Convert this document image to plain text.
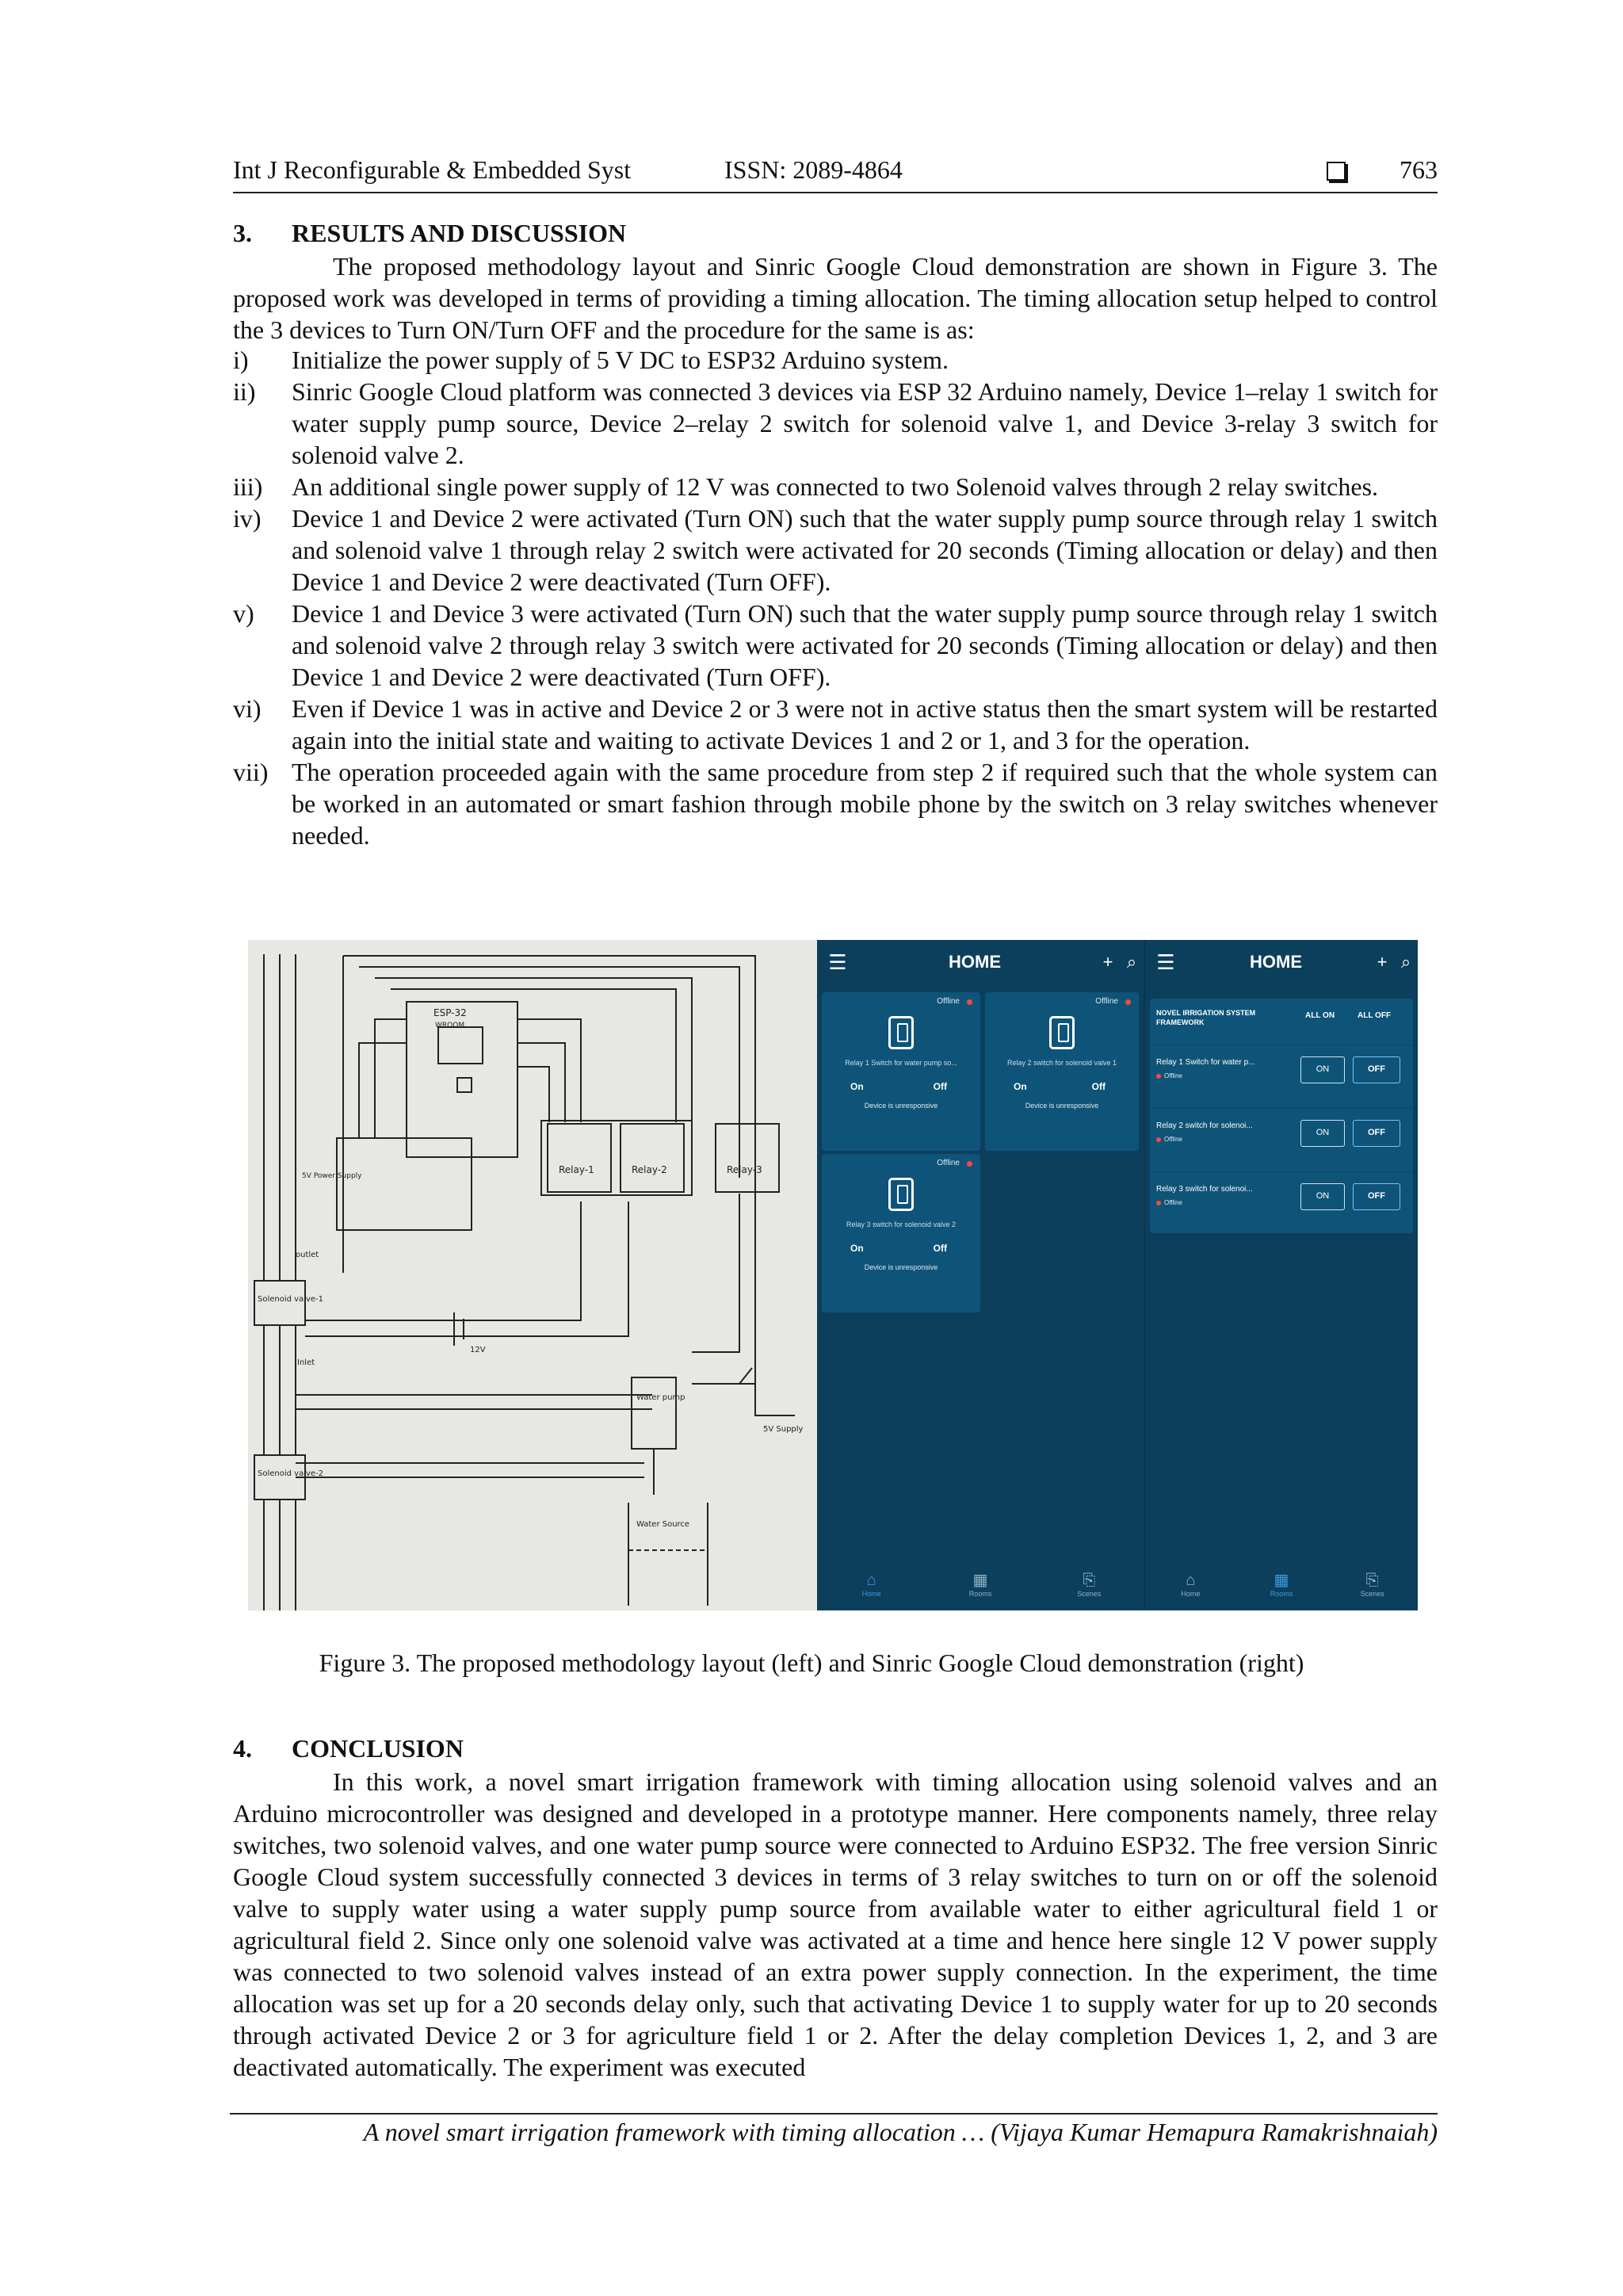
Int J Reconfigurable & Embedded Syst	ISSN: 2089-4864	763
3. RESULTS AND DISCUSSION
The proposed methodology layout and Sinric Google Cloud demonstration are shown in Figure 3. The proposed work was developed in terms of providing a timing allocation. The timing allocation setup helped to control the 3 devices to Turn ON/Turn OFF and the procedure for the same is as:
i)	Initialize the power supply of 5 V DC to ESP32 Arduino system.
ii)	Sinric Google Cloud platform was connected 3 devices via ESP 32 Arduino namely, Device 1–relay 1 switch for water supply pump source, Device 2–relay 2 switch for solenoid valve 1, and Device 3-relay 3 switch for solenoid valve 2.
iii)	An additional single power supply of 12 V was connected to two Solenoid valves through 2 relay switches.
iv)	Device 1 and Device 2 were activated (Turn ON) such that the water supply pump source through relay 1 switch and solenoid valve 1 through relay 2 switch were activated for 20 seconds (Timing allocation or delay) and then Device 1 and Device 2 were deactivated (Turn OFF).
v)	Device 1 and Device 3 were activated (Turn ON) such that the water supply pump source through relay 1 switch and solenoid valve 2 through relay 3 switch were activated for 20 seconds (Timing allocation or delay) and then Device 1 and Device 2 were deactivated (Turn OFF).
vi)	Even if Device 1 was in active and Device 2 or 3 were not in active status then the smart system will be restarted again into the initial state and waiting to activate Devices 1 and 2 or 1, and 3 for the operation.
vii) The operation proceeded again with the same procedure from step 2 if required such that the whole system can be worked in an automated or smart fashion through mobile phone by the switch on 3 relay switches whenever needed.
ESP-32
WROOM
Relay-1	Relay-2	Relay-3
5V Power Supply
Solenoid valve-1
Solenoid valve-2
outlet
Inlet
12V
Water pump
Water Source
5V Supply
☰	HOME	+ ⌕
Offline
Relay 1 Switch for water pump so...
On	Off
Device is unresponsive
Offline
Relay 2 switch for solenoid valve 1
On	Off
Device is unresponsive
Offline
Relay 3 switch for solenoid valve 2
On	Off
Device is unresponsive
⌂
Home
▦
Rooms
⎘
Scenes
☰	HOME	+ ⌕
NOVEL IRRIGATION SYSTEM FRAMEWORK
ALL ON	ALL OFF
Relay 1 Switch for water p...
Offline
ON	OFF
Relay 2 switch for solenoi...
Offline
ON	OFF
Relay 3 switch for solenoi...
Offline
ON	OFF
⌂
Home
▦
Rooms
⎘
Scenes
Figure 3. The proposed methodology layout (left) and Sinric Google Cloud demonstration (right)
4. CONCLUSION
In this work, a novel smart irrigation framework with timing allocation using solenoid valves and an Arduino microcontroller was designed and developed in a prototype manner. Here components namely, three relay switches, two solenoid valves, and one water pump source were connected to Arduino ESP32. The free version Sinric Google Cloud system successfully connected 3 devices in terms of 3 relay switches to turn on or off the solenoid valve to supply water using a water supply pump source from available water to either agricultural field 1 or agricultural field 2. Since only one solenoid valve was activated at a time and hence here single 12 V power supply was connected to two solenoid valves instead of an extra power supply connection. In the experiment, the time allocation was set up for a 20 seconds delay only, such that activating Device 1 to supply water for up to 20 seconds through activated Device 2 or 3 for agriculture field 1 or 2. After the delay completion Devices 1, 2, and 3 are deactivated automatically. The experiment was executed
A novel smart irrigation framework with timing allocation … (Vijaya Kumar Hemapura Ramakrishnaiah)
